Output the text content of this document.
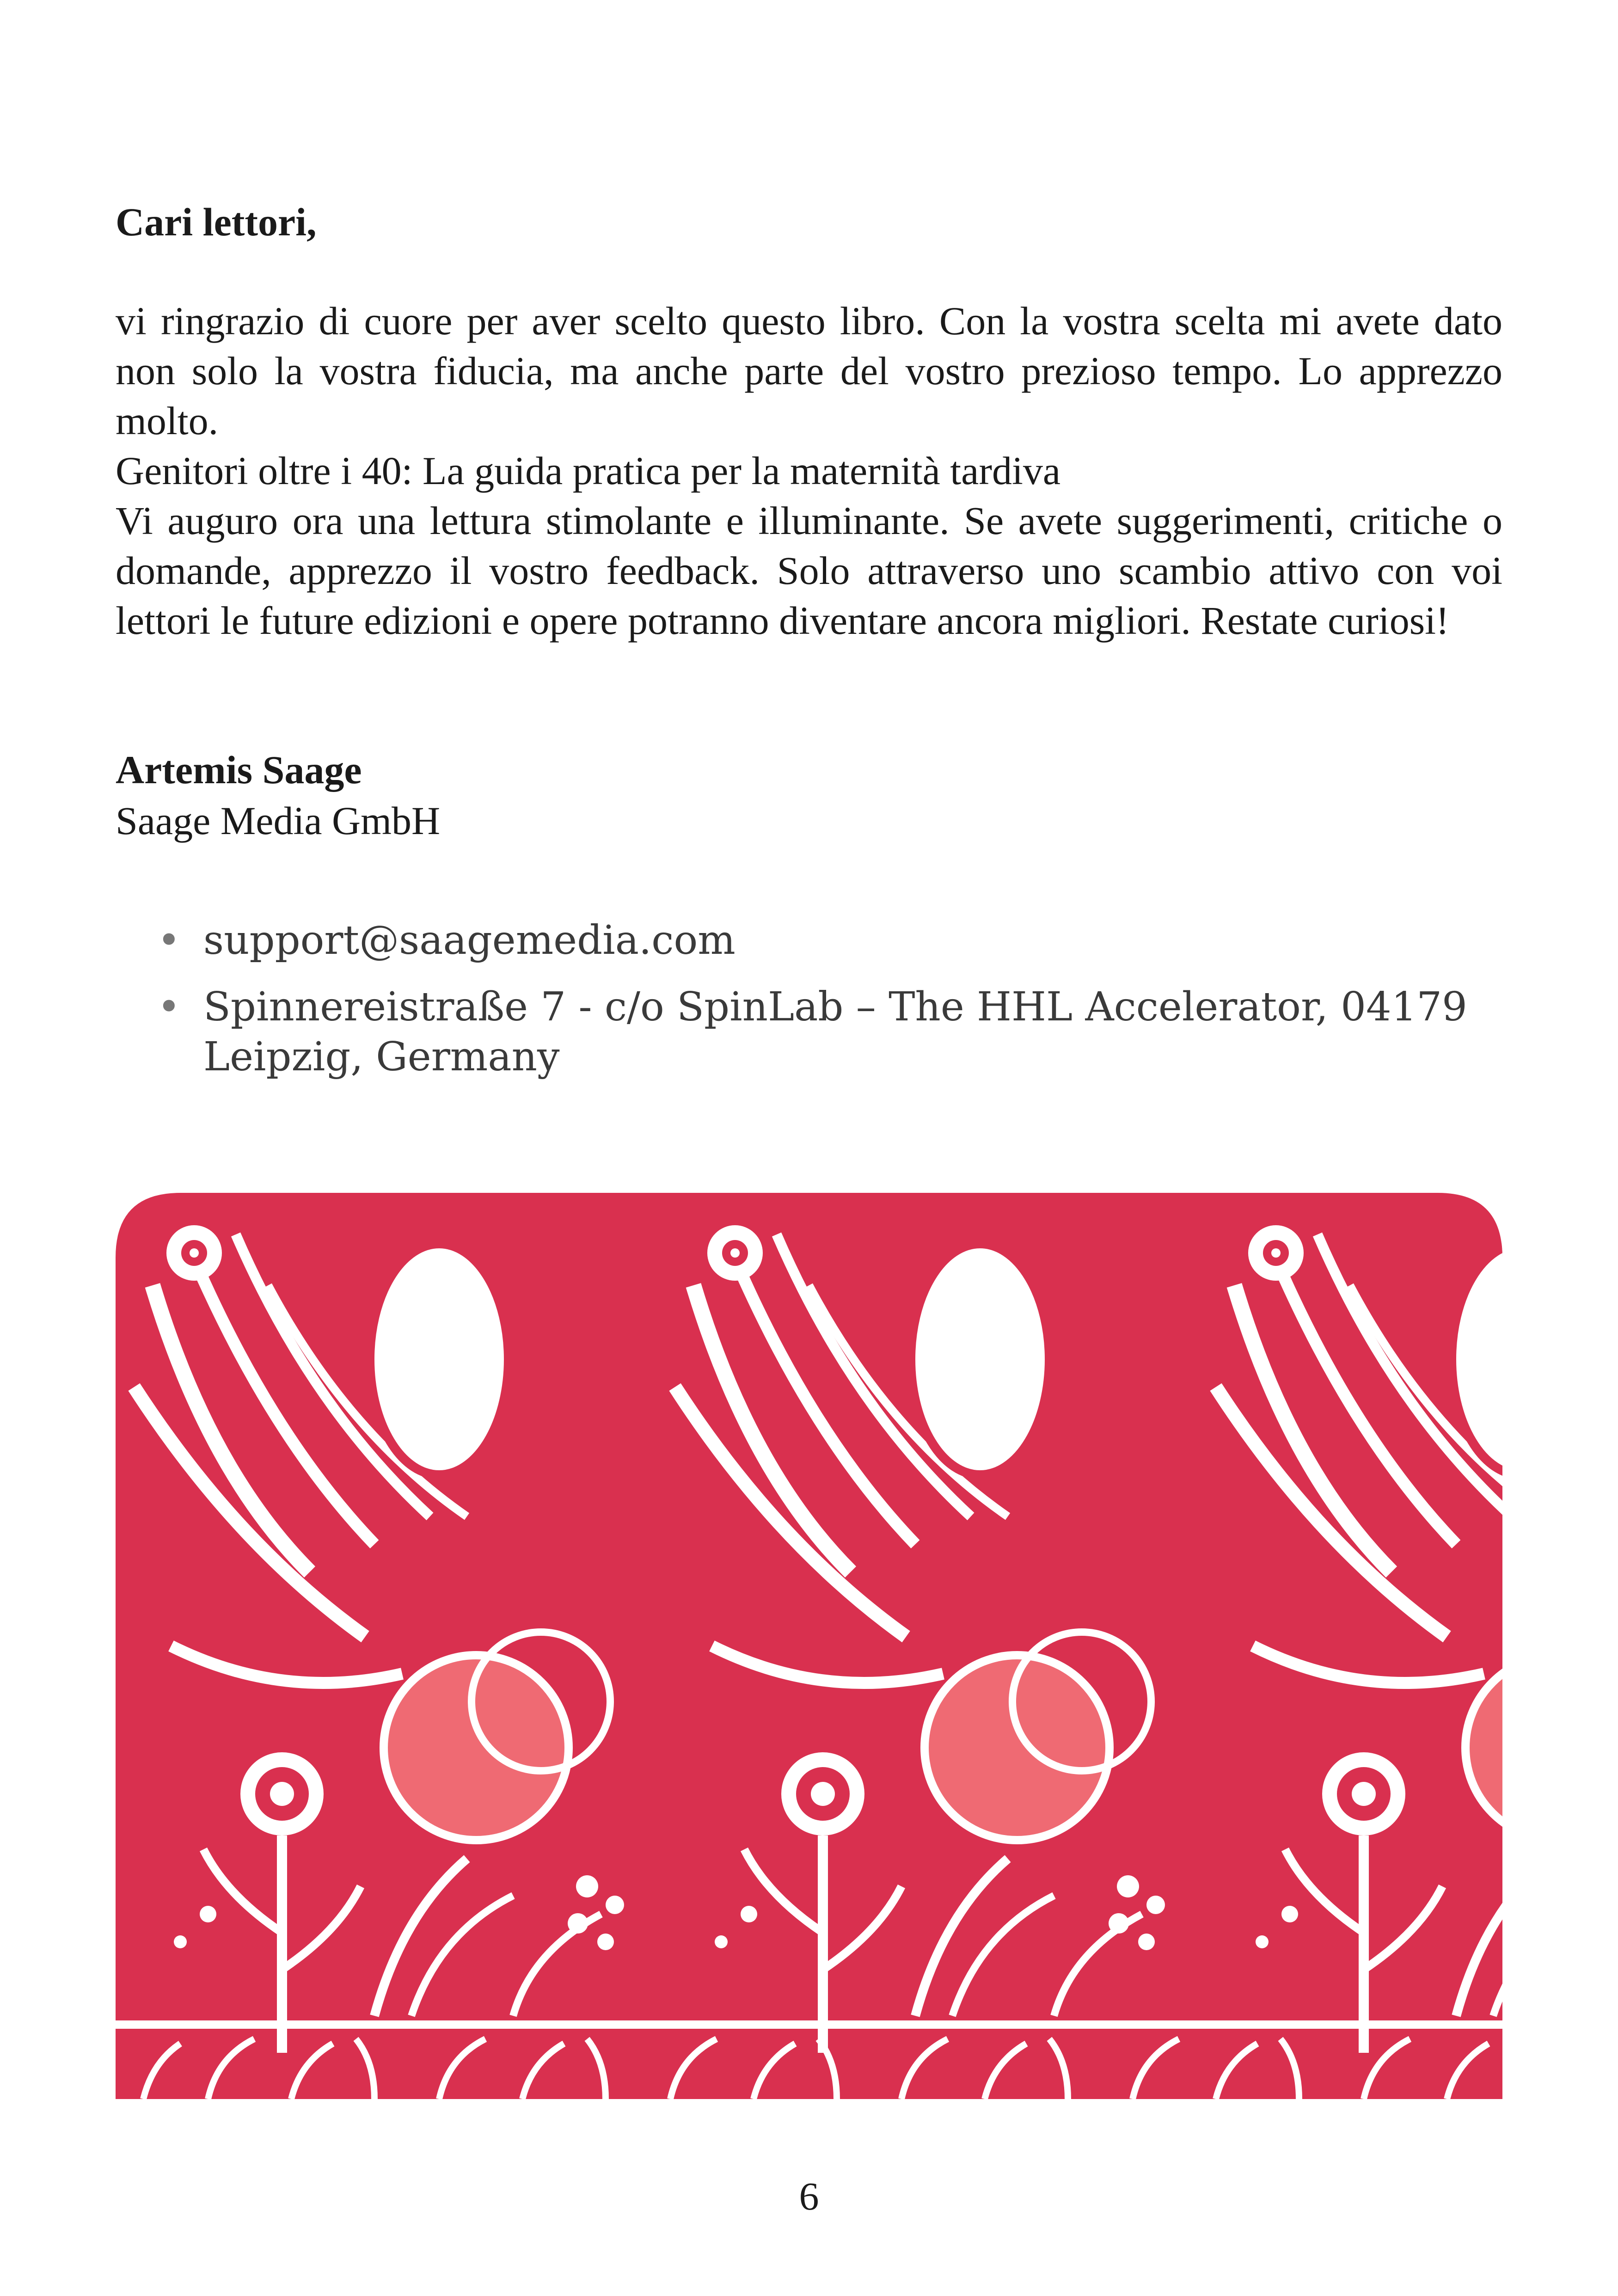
Cari lettori,

vi ringrazio di cuore per aver scelto questo libro. Con la vostra scelta mi avete dato non solo la vostra fiducia, ma anche parte del vostro prezioso tempo. Lo apprezzo molto.

Genitori oltre i 40: La guida pratica per la maternità tardiva

Vi auguro ora una lettura stimolante e illuminante. Se avete suggerimenti, critiche o domande, apprezzo il vostro feedback. Solo attraverso uno scambio attivo con voi lettori le future edizioni e opere potranno diventare ancora migliori. Restate curiosi!

Artemis Saage
Saage Media GmbH
• support@saagemedia.com
• Spinnereistraße 7 - c/o SpinLab – The HHL Accelerator, 04179 Leipzig, Germany
6
